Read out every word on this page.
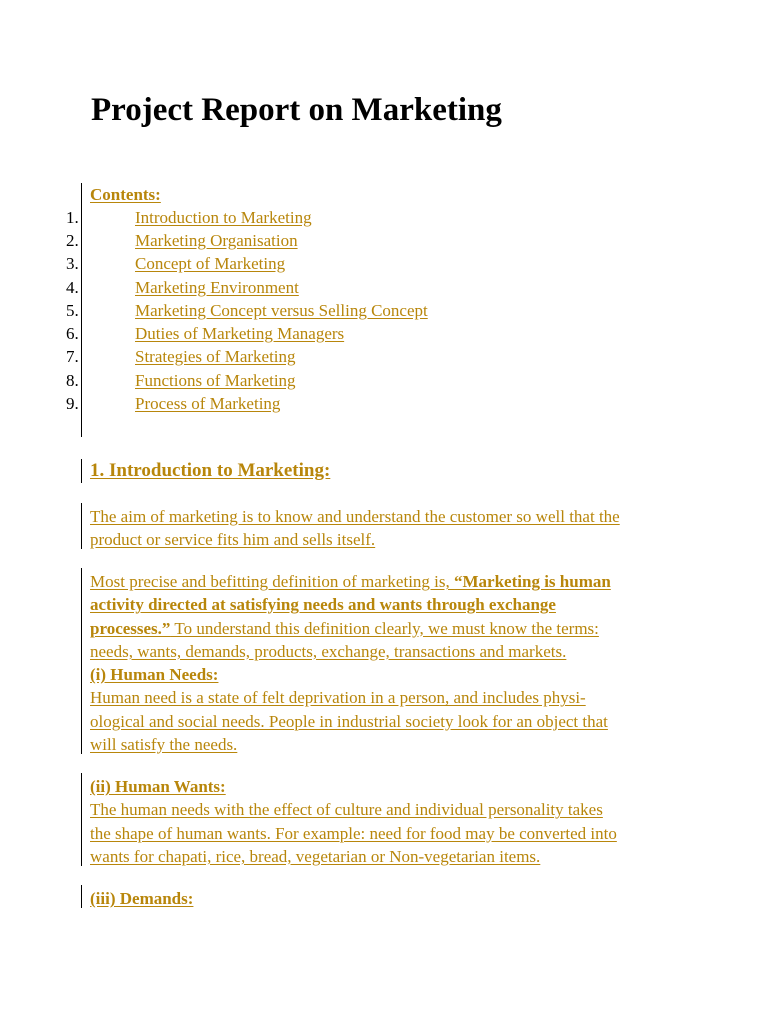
Project Report on Marketing
Contents:
1.	Introduction to Marketing
2.	Marketing Organisation
3.	Concept of Marketing
4.	Marketing Environment
5.	Marketing Concept versus Selling Concept
6.	Duties of Marketing Managers
7.	Strategies of Marketing
8.	Functions of Marketing
9.	Process of Marketing
1. Introduction to Marketing:
The aim of marketing is to know and understand the customer so well that the
product or service fits him and sells itself.
Most precise and befitting definition of marketing is, “Marketing is human
activity directed at satisfying needs and wants through exchange
processes.” To understand this definition clearly, we must know the terms:
needs, wants, demands, products, exchange, transactions and markets.
(i) Human Needs:
Human need is a state of felt deprivation in a person, and includes physi-
ological and social needs. People in industrial society look for an object that
will satisfy the needs.
(ii) Human Wants:
The human needs with the effect of culture and individual personality takes
the shape of human wants. For example: need for food may be converted into
wants for chapati, rice, bread, vegetarian or Non-vegetarian items.
(iii) Demands:
